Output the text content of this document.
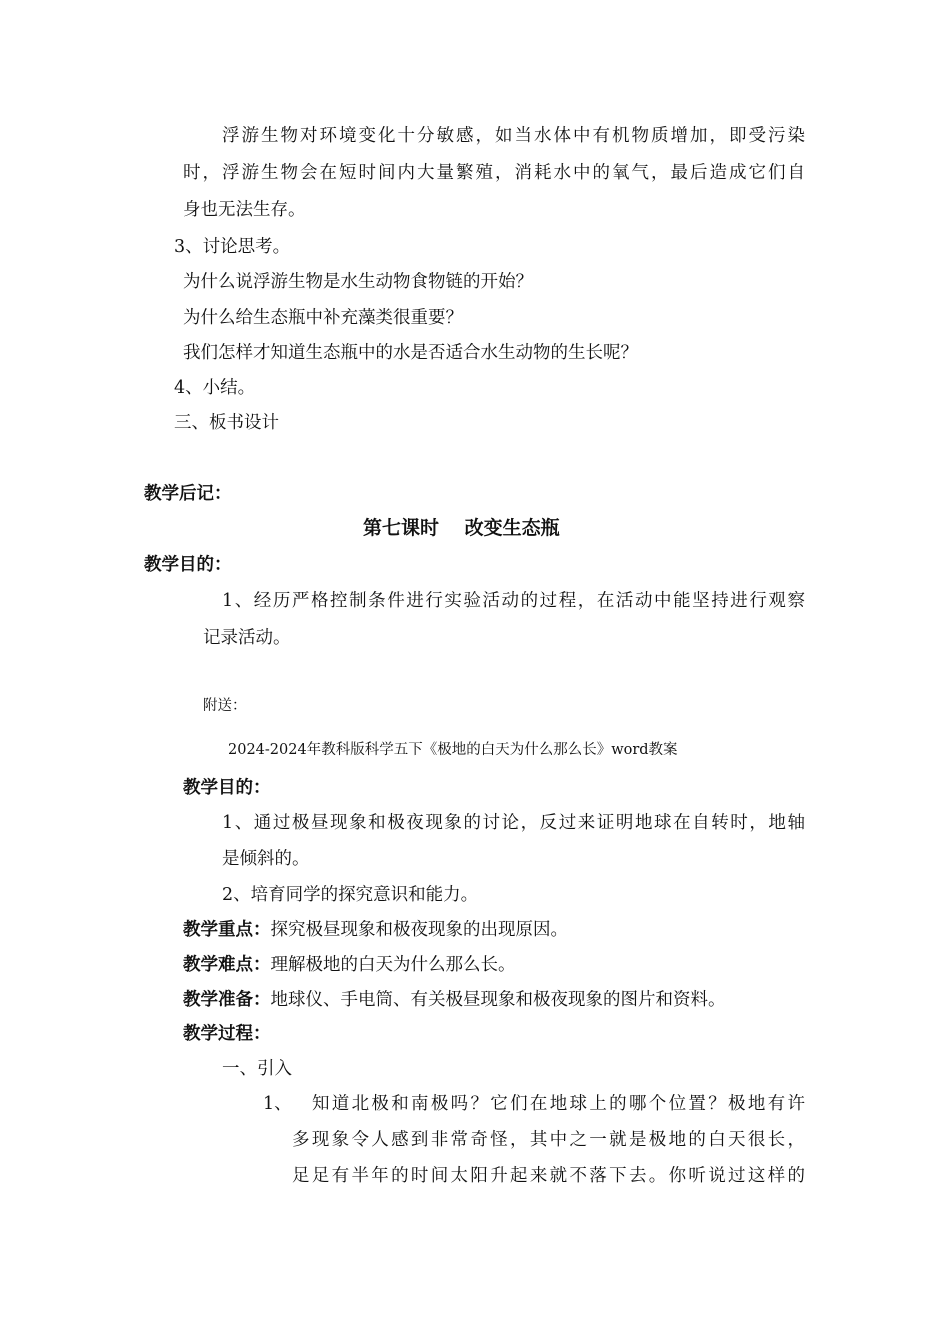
浮游生物对环境变化十分敏感，如当水体中有机物质增加，即受污染
时，浮游生物会在短时间内大量繁殖，消耗水中的氧气，最后造成它们自
身也无法生存。
3、讨论思考。
为什么说浮游生物是水生动物食物链的开始？
为什么给生态瓶中补充藻类很重要？
我们怎样才知道生态瓶中的水是否适合水生动物的生长呢？
4、小结。
三、板书设计
教学后记：
第七课时　 改变生态瓶
教学目的：
1、经历严格控制条件进行实验活动的过程，在活动中能坚持进行观察
记录活动。
附送：
2024-2024年教科版科学五下《极地的白天为什么那么长》word教案
教学目的：
1、通过极昼现象和极夜现象的讨论，反过来证明地球在自转时，地轴
是倾斜的。
2、培育同学的探究意识和能力。
教学重点：探究极昼现象和极夜现象的出现原因。
教学难点：理解极地的白天为什么那么长。
教学准备：地球仪、手电筒、有关极昼现象和极夜现象的图片和资料。
教学过程：
一、引入
1、 知道北极和南极吗？它们在地球上的哪个位置？极地有许
多现象令人感到非常奇怪，其中之一就是极地的白天很长，
足足有半年的时间太阳升起来就不落下去。你听说过这样的
